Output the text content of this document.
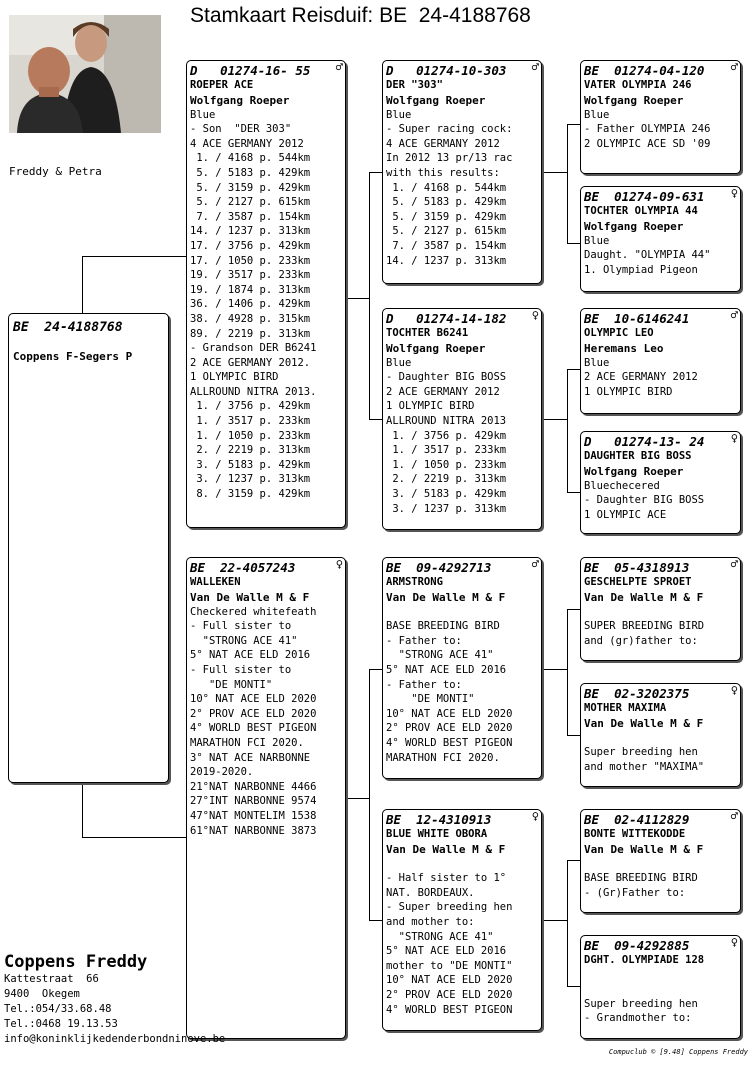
Stamkaart Reisduif: BE  24-4188768
Freddy & Petra
BE  24-4188768
Coppens F-Segers P
D   01274-16- 55 ♂
ROEPER ACE
Wolfgang Roeper
Blue
- Son  "DER 303"
4 ACE GERMANY 2012
1. / 4168 p. 544km
5. / 5183 p. 429km
5. / 3159 p. 429km
5. / 2127 p. 615km
7. / 3587 p. 154km
14. / 1237 p. 313km
17. / 3756 p. 429km
17. / 1050 p. 233km
19. / 3517 p. 233km
19. / 1874 p. 313km
36. / 1406 p. 429km
38. / 4928 p. 315km
89. / 2219 p. 313km
- Grandson DER B6241
2 ACE GERMANY 2012.
1 OLYMPIC BIRD
ALLROUND NITRA 2013.
1. / 3756 p. 429km
1. / 3517 p. 233km
1. / 1050 p. 233km
2. / 2219 p. 313km
3. / 5183 p. 429km
3. / 1237 p. 313km
8. / 3159 p. 429km
BE  22-4057243	♀
WALLEKEN
Van De Walle M & F
Checkered whitefeath
- Full sister to
"STRONG ACE 41"
5° NAT ACE ELD 2016
- Full sister to
"DE MONTI"
10° NAT ACE ELD 2020
2° PROV ACE ELD 2020
4° WORLD BEST PIGEON
MARATHON FCI 2020.
3° NAT ACE NARBONNE
2019-2020.
21°NAT NARBONNE 4466
27°INT NARBONNE 9574
47°NAT MONTELIM 1538
61°NAT NARBONNE 3873
D   01274-10-303 ♂
DER "303"
Wolfgang Roeper
Blue
- Super racing cock:
4 ACE GERMANY 2012
In 2012 13 pr/13 rac
with this results:
1. / 4168 p. 544km
5. / 5183 p. 429km
5. / 3159 p. 429km
5. / 2127 p. 615km
7. / 3587 p. 154km
14. / 1237 p. 313km
D   01274-14-182 ♀
TOCHTER B6241
Wolfgang Roeper
Blue
- Daughter BIG BOSS
2 ACE GERMANY 2012
1 OLYMPIC BIRD
ALLROUND NITRA 2013
1. / 3756 p. 429km
1. / 3517 p. 233km
1. / 1050 p. 233km
2. / 2219 p. 313km
3. / 5183 p. 429km
3. / 1237 p. 313km
BE  09-4292713	♂
ARMSTRONG
Van De Walle M & F

BASE BREEDING BIRD
- Father to:
"STRONG ACE 41"
5° NAT ACE ELD 2016
- Father to:
"DE MONTI"
10° NAT ACE ELD 2020
2° PROV ACE ELD 2020
4° WORLD BEST PIGEON
MARATHON FCI 2020.
BE  12-4310913	♀
BLUE WHITE OBORA
Van De Walle M & F

- Half sister to 1°
NAT. BORDEAUX.
- Super breeding hen
and mother to:
"STRONG ACE 41"
5° NAT ACE ELD 2016
mother to "DE MONTI"
10° NAT ACE ELD 2020
2° PROV ACE ELD 2020
4° WORLD BEST PIGEON
BE  01274-04-120 ♂
VATER OLYMPIA 246
Wolfgang Roeper
Blue
- Father OLYMPIA 246
2 OLYMPIC ACE SD '09
BE  01274-09-631 ♀
TOCHTER OLYMPIA 44
Wolfgang Roeper
Blue
Daught. "OLYMPIA 44"
1. Olympiad Pigeon
BE  10-6146241	♂
OLYMPIC LEO
Heremans Leo
Blue
2 ACE GERMANY 2012
1 OLYMPIC BIRD
D   01274-13- 24 ♀
DAUGHTER BIG BOSS
Wolfgang Roeper
Bluechecered
- Daughter BIG BOSS
1 OLYMPIC ACE
BE  05-4318913	♂
GESCHELPTE SPROET
Van De Walle M & F

SUPER BREEDING BIRD
and (gr)father to:
BE  02-3202375	♀
MOTHER MAXIMA
Van De Walle M & F

Super breeding hen
and mother "MAXIMA"
BE  02-4112829	♂
BONTE WITTEKODDE
Van De Walle M & F

BASE BREEDING BIRD
- (Gr)Father to:
BE  09-4292885	♀
DGHT. OLYMPIADE 128

Super breeding hen
- Grandmother to:
Coppens Freddy
Kattestraat  66
9400  Okegem
Tel.:054/33.68.48
Tel.:0468 19.13.53
info@koninklijkedenderbondninove.be
Compuclub © [9.48] Coppens Freddy
